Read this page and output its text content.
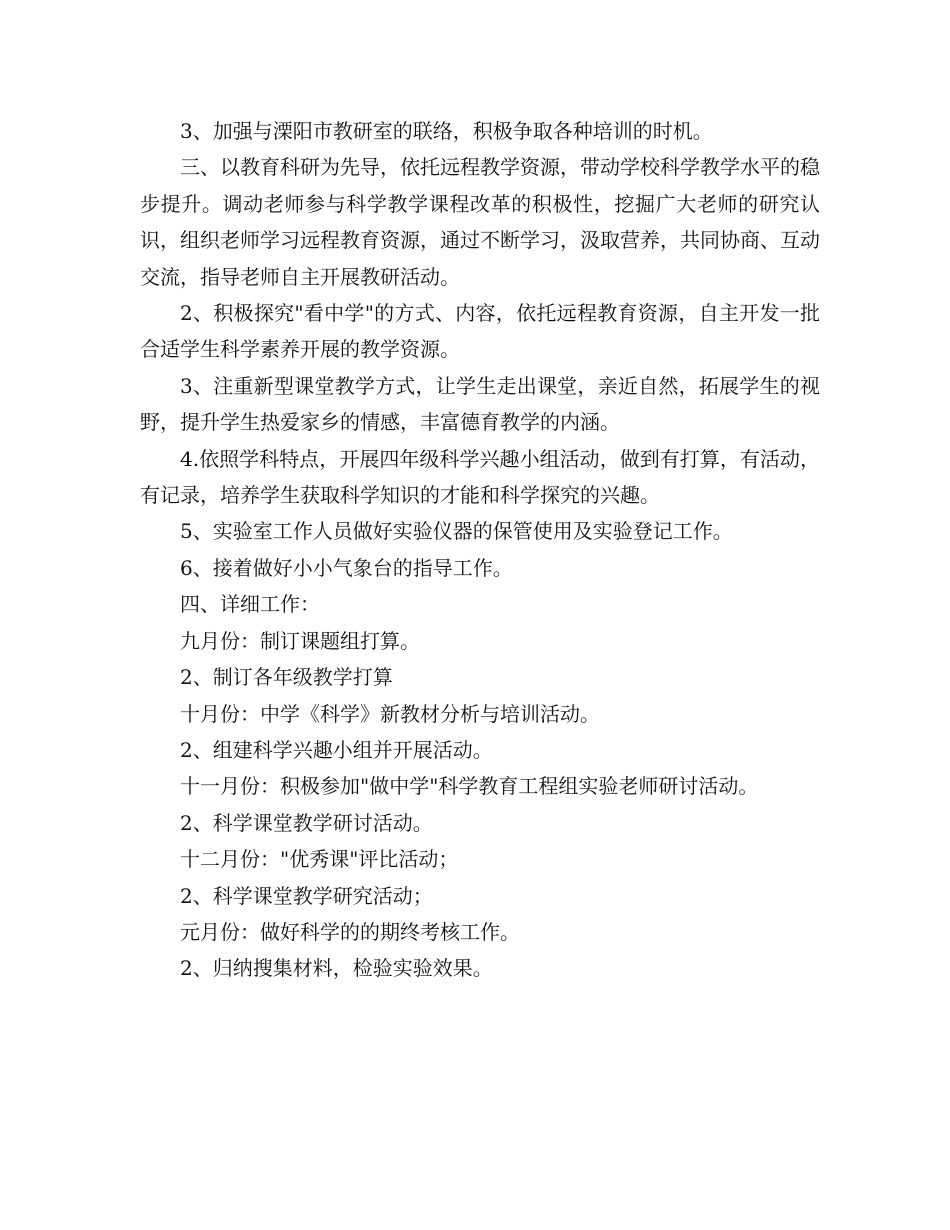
3、加强与溧阳市教研室的联络，积极争取各种培训的时机。

三、以教育科研为先导，依托远程教学资源，带动学校科学教学水平的稳步提升。调动老师参与科学教学课程改革的积极性，挖掘广大老师的研究认识，组织老师学习远程教育资源，通过不断学习，汲取营养，共同协商、互动交流，指导老师自主开展教研活动。

2、积极探究"看中学"的方式、内容，依托远程教育资源，自主开发一批合适学生科学素养开展的教学资源。

3、注重新型课堂教学方式，让学生走出课堂，亲近自然，拓展学生的视野，提升学生热爱家乡的情感，丰富德育教学的内涵。

4.依照学科特点，开展四年级科学兴趣小组活动，做到有打算，有活动，有记录，培养学生获取科学知识的才能和科学探究的兴趣。

5、实验室工作人员做好实验仪器的保管使用及实验登记工作。

6、接着做好小小气象台的指导工作。

四、详细工作：

九月份：制订课题组打算。

2、制订各年级教学打算

十月份：中学《科学》新教材分析与培训活动。

2、组建科学兴趣小组并开展活动。

十一月份：积极参加"做中学"科学教育工程组实验老师研讨活动。

2、科学课堂教学研讨活动。

十二月份："优秀课"评比活动；

2、科学课堂教学研究活动；

元月份：做好科学的的期终考核工作。

2、归纳搜集材料，检验实验效果。
